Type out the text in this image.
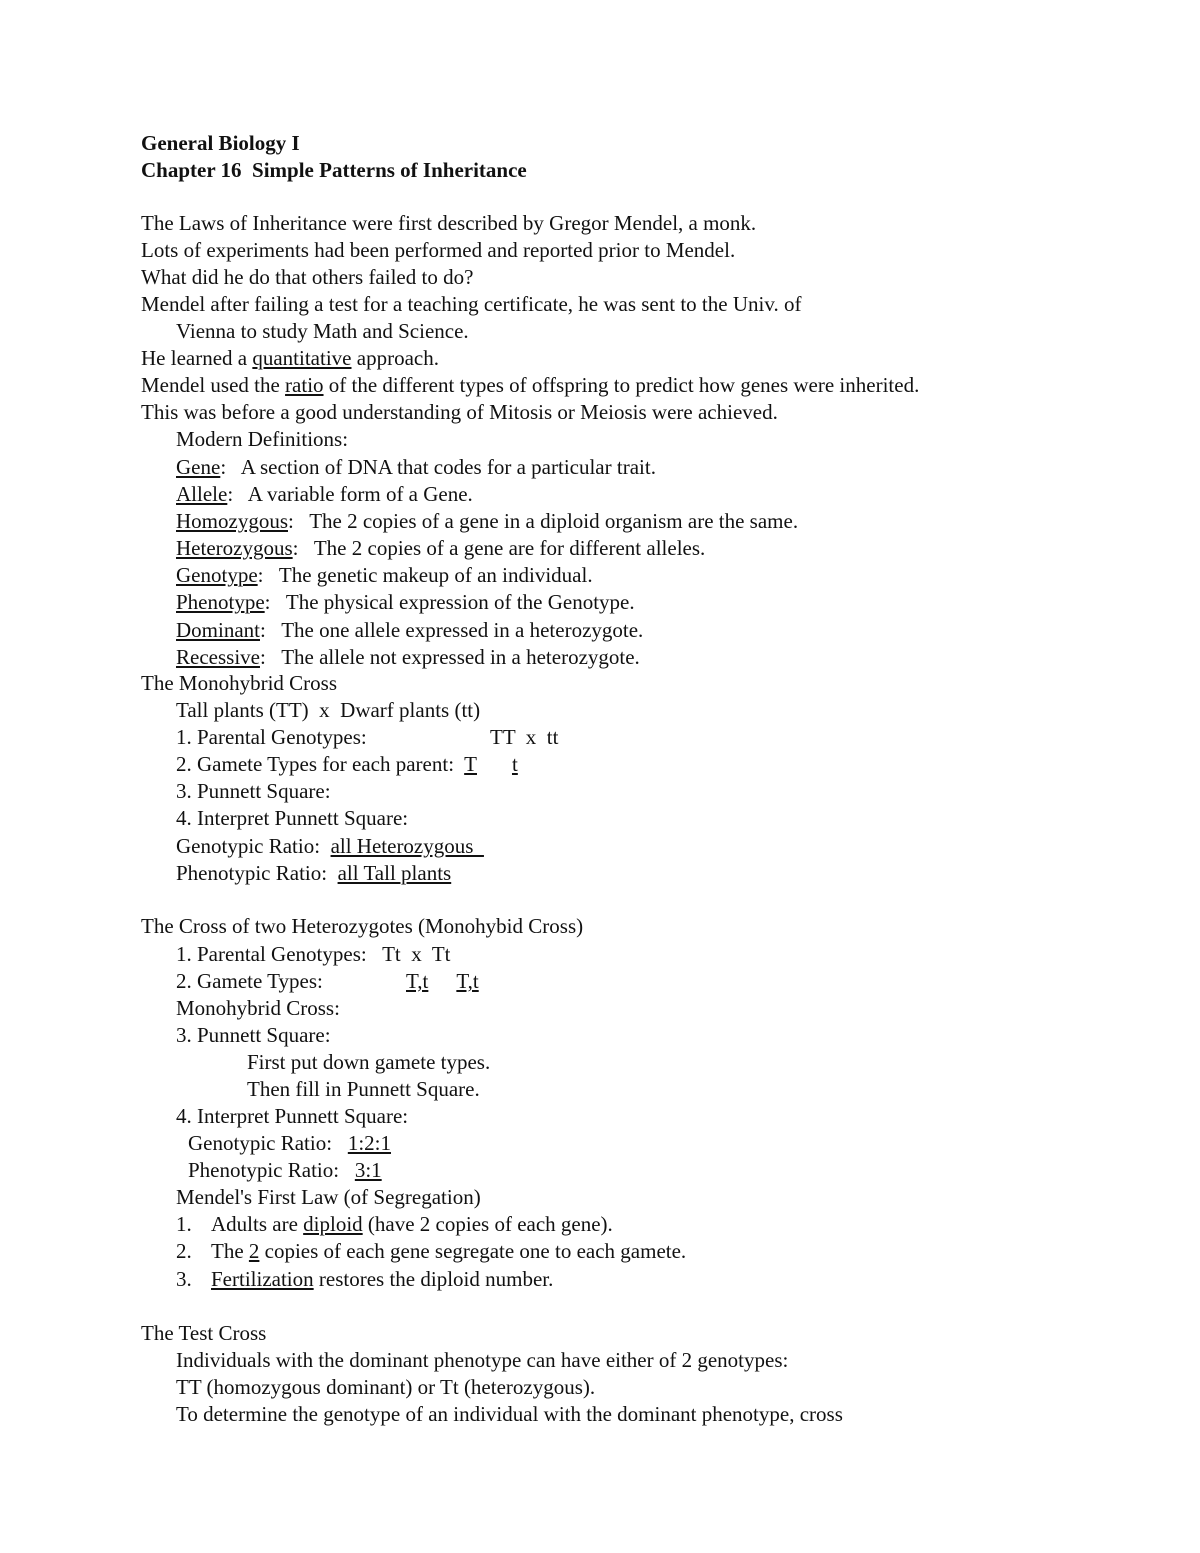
General Biology I
Chapter 16  Simple Patterns of Inheritance
The Laws of Inheritance were first described by Gregor Mendel, a monk.
Lots of experiments had been performed and reported prior to Mendel.
What did he do that others failed to do?
Mendel after failing a test for a teaching certificate, he was sent to the Univ. of
Vienna to study Math and Science.
He learned a quantitative approach.
Mendel used the ratio of the different types of offspring to predict how genes were inherited.
This was before a good understanding of Mitosis or Meiosis were achieved.
Modern Definitions:
Gene:   A section of DNA that codes for a particular trait.
Allele:   A variable form of a Gene.
Homozygous:   The 2 copies of a gene in a diploid organism are the same.
Heterozygous:   The 2 copies of a gene are for different alleles.
Genotype:   The genetic makeup of an individual.
Phenotype:   The physical expression of the Genotype.
Dominant:   The one allele expressed in a heterozygote.
Recessive:   The allele not expressed in a heterozygote.
The Monohybrid Cross
Tall plants (TT)  x  Dwarf plants (tt)
1. Parental Genotypes:	TT  x  tt
2. Gamete Types for each parent:  T t
3. Punnett Square:
4. Interpret Punnett Square:
Genotypic Ratio:  all Heterozygous
Phenotypic Ratio:  all Tall plants
The Cross of two Heterozygotes (Monohybid Cross)
1. Parental Genotypes:   Tt  x  Tt
2. Gamete Types:	T,t T,t
Monohybrid Cross:
3. Punnett Square:
First put down gamete types.
Then fill in Punnett Square.
4. Interpret Punnett Square:
Genotypic Ratio:   1:2:1
Phenotypic Ratio:   3:1
Mendel's First Law (of Segregation)
1. Adults are diploid (have 2 copies of each gene).
2. The 2 copies of each gene segregate one to each gamete.
3. Fertilization restores the diploid number.
The Test Cross
Individuals with the dominant phenotype can have either of 2 genotypes:
TT (homozygous dominant) or Tt (heterozygous).
To determine the genotype of an individual with the dominant phenotype, cross
